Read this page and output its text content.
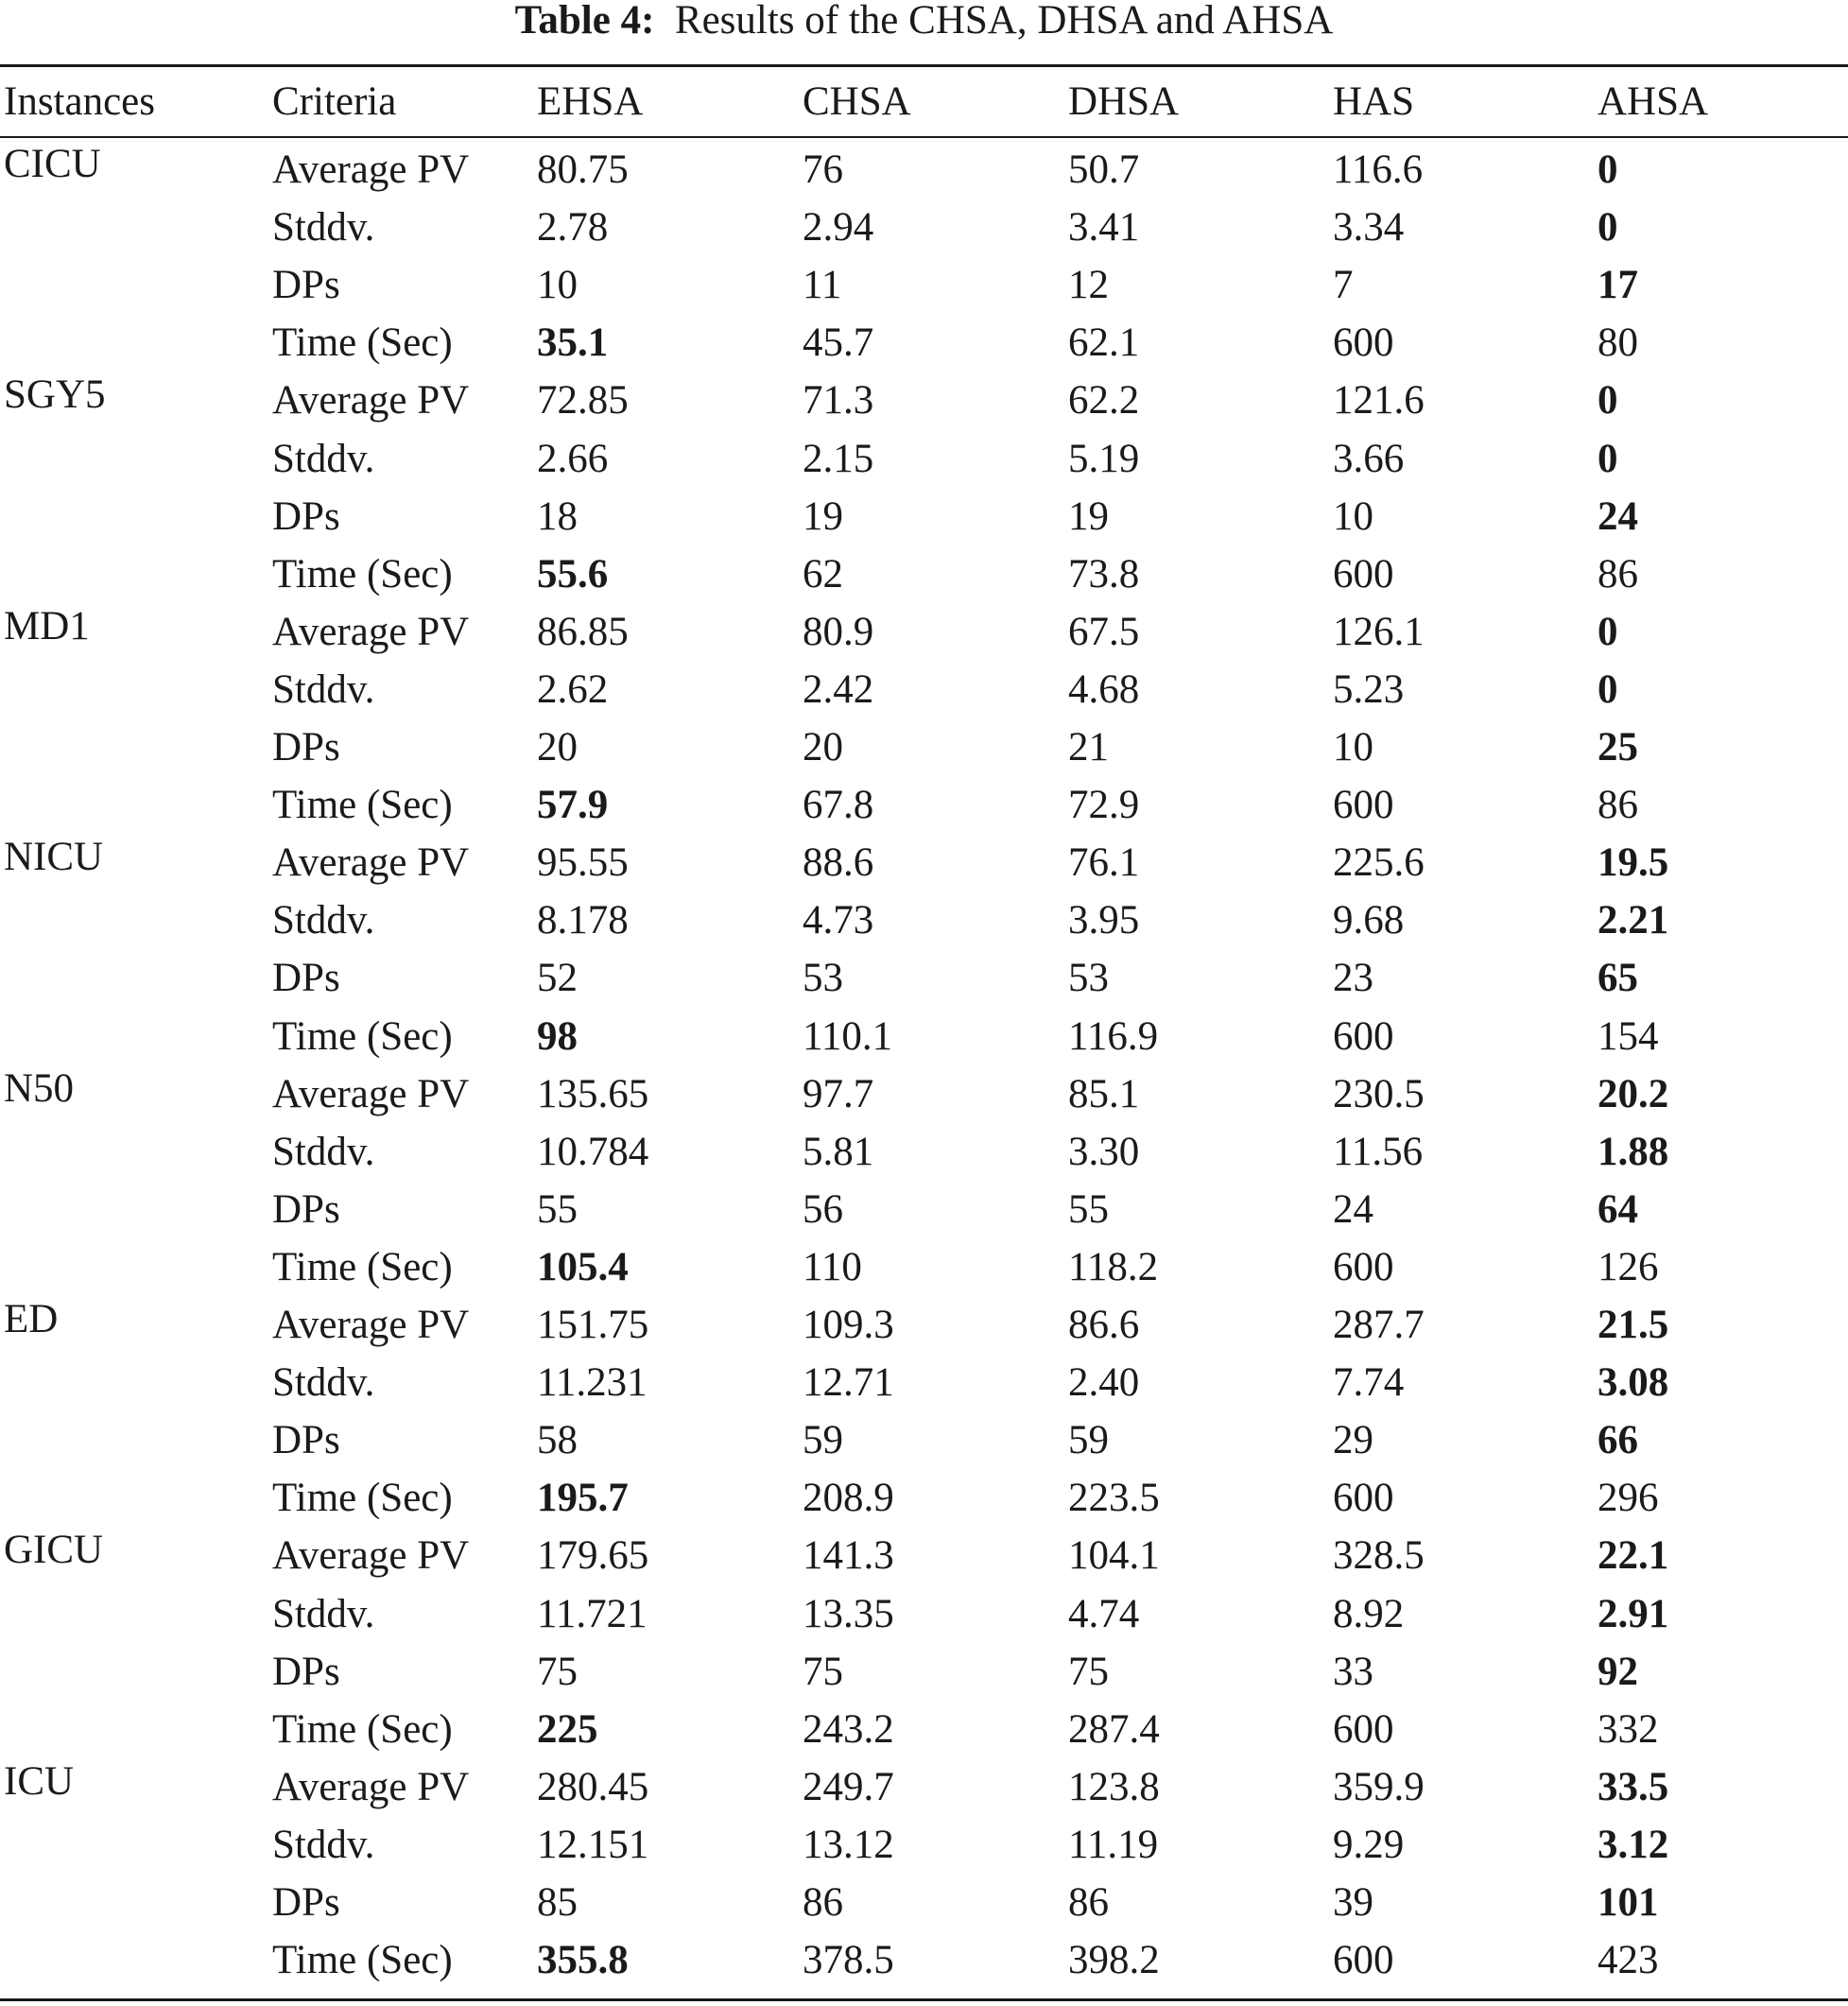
Table 4: Results of the CHSA, DHSA and AHSA
Instances	Criteria	EHSA	CHSA	DHSA	HAS	AHSA
CICU	Average PV 80.75	76	50.7	116.6	0
Stddv.	2.78	2.94	3.41	3.34	0
DPs	10	11	12	7	17
Time (Sec) 35.1	45.7	62.1	600	80
SGY5	Average PV 72.85	71.3	62.2	121.6	0
Stddv.	2.66	2.15	5.19	3.66	0
DPs	18	19	19	10	24
Time (Sec) 55.6	62	73.8	600	86
MD1	Average PV 86.85	80.9	67.5	126.1	0
Stddv.	2.62	2.42	4.68	5.23	0
DPs	20	20	21	10	25
Time (Sec) 57.9	67.8	72.9	600	86
NICU	Average PV 95.55	88.6	76.1	225.6	19.5
Stddv.	8.178	4.73	3.95	9.68	2.21
DPs	52	53	53	23	65
Time (Sec) 98	110.1	116.9	600	154
N50	Average PV 135.65	97.7	85.1	230.5	20.2
Stddv.	10.784	5.81	3.30	11.56	1.88
DPs	55	56	55	24	64
Time (Sec) 105.4	110	118.2	600	126
ED	Average PV 151.75	109.3	86.6	287.7	21.5
Stddv.	11.231	12.71	2.40	7.74	3.08
DPs	58	59	59	29	66
Time (Sec) 195.7	208.9	223.5	600	296
GICU	Average PV 179.65	141.3	104.1	328.5	22.1
Stddv.	11.721	13.35	4.74	8.92	2.91
DPs	75	75	75	33	92
Time (Sec) 225	243.2	287.4	600	332
ICU	Average PV 280.45	249.7	123.8	359.9	33.5
Stddv.	12.151	13.12	11.19	9.29	3.12
DPs	85	86	86	39	101
Time (Sec) 355.8	378.5	398.2	600	423
